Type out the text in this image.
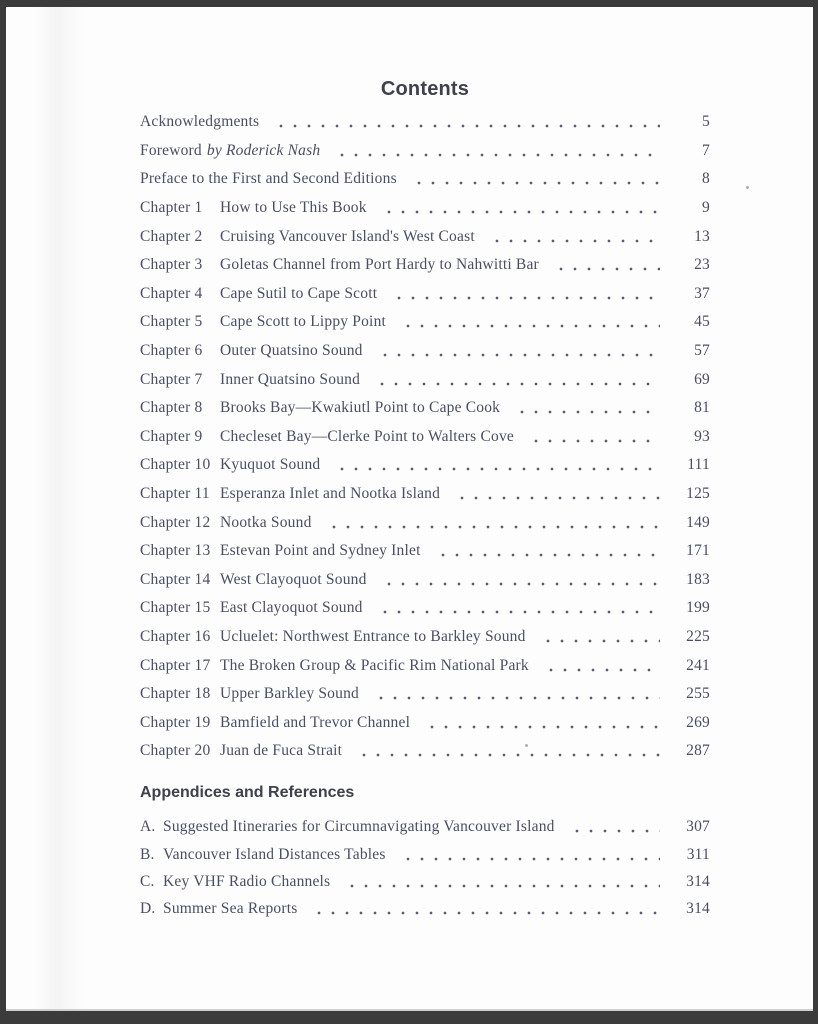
Contents
Acknowledgments	5
Foreword by Roderick Nash	7
Preface to the First and Second Editions	8
Chapter 1	How to Use This Book	9
Chapter 2	Cruising Vancouver Island's West Coast	13
Chapter 3	Goletas Channel from Port Hardy to Nahwitti Bar	23
Chapter 4	Cape Sutil to Cape Scott	37
Chapter 5	Cape Scott to Lippy Point	45
Chapter 6	Outer Quatsino Sound	57
Chapter 7	Inner Quatsino Sound	69
Chapter 8	Brooks Bay—Kwakiutl Point to Cape Cook	81
Chapter 9	Checleset Bay—Clerke Point to Walters Cove	93
Chapter 10 Kyuquot Sound	111
Chapter 11 Esperanza Inlet and Nootka Island	125
Chapter 12 Nootka Sound	149
Chapter 13 Estevan Point and Sydney Inlet	171
Chapter 14 West Clayoquot Sound	183
Chapter 15 East Clayoquot Sound	199
Chapter 16 Ucluelet: Northwest Entrance to Barkley Sound	225
Chapter 17 The Broken Group & Pacific Rim National Park	241
Chapter 18 Upper Barkley Sound	255
Chapter 19 Bamfield and Trevor Channel	269
Chapter 20 Juan de Fuca Strait	287
Appendices and References
A. Suggested Itineraries for Circumnavigating Vancouver Island	307
B. Vancouver Island Distances Tables	311
C. Key VHF Radio Channels	314
D. Summer Sea Reports	314
